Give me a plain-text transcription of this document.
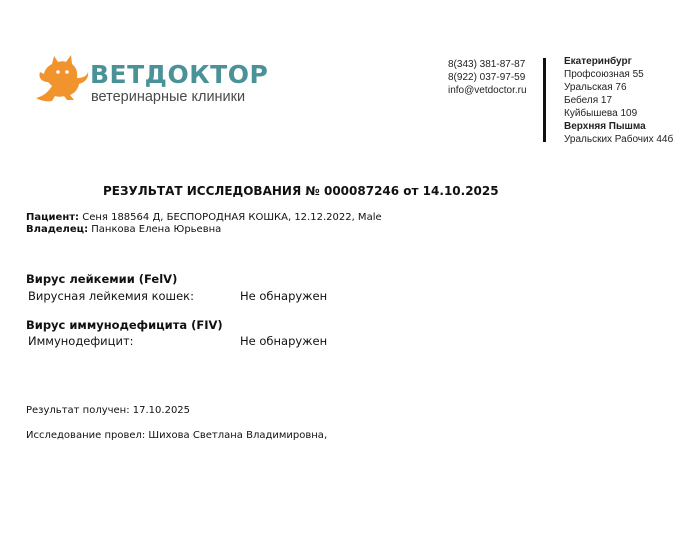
ВЕТДОКТОР
ветеринарные клиники
8(343) 381-87-87
8(922) 037-97-59
info@vetdoctor.ru
Екатеринбург
Профсоюзная 55
Уральская 76
Бебеля 17
Куйбышева 109
Верхняя Пышма
Уральских Рабочих 44б
РЕЗУЛЬТАТ ИССЛЕДОВАНИЯ № 000087246 от 14.10.2025
Пациент: Сеня 188564 Д, БЕСПОРОДНАЯ КОШКА, 12.12.2022, Male
Владелец: Панкова Елена Юрьевна
Вирус лейкемии (FelV)
Вирусная лейкемия кошек:	Не обнаружен
Вирус иммунодефицита (FIV)
Иммунодефицит:	Не обнаружен
Результат получен: 17.10.2025
Исследование провел: Шихова Светлана Владимировна,
